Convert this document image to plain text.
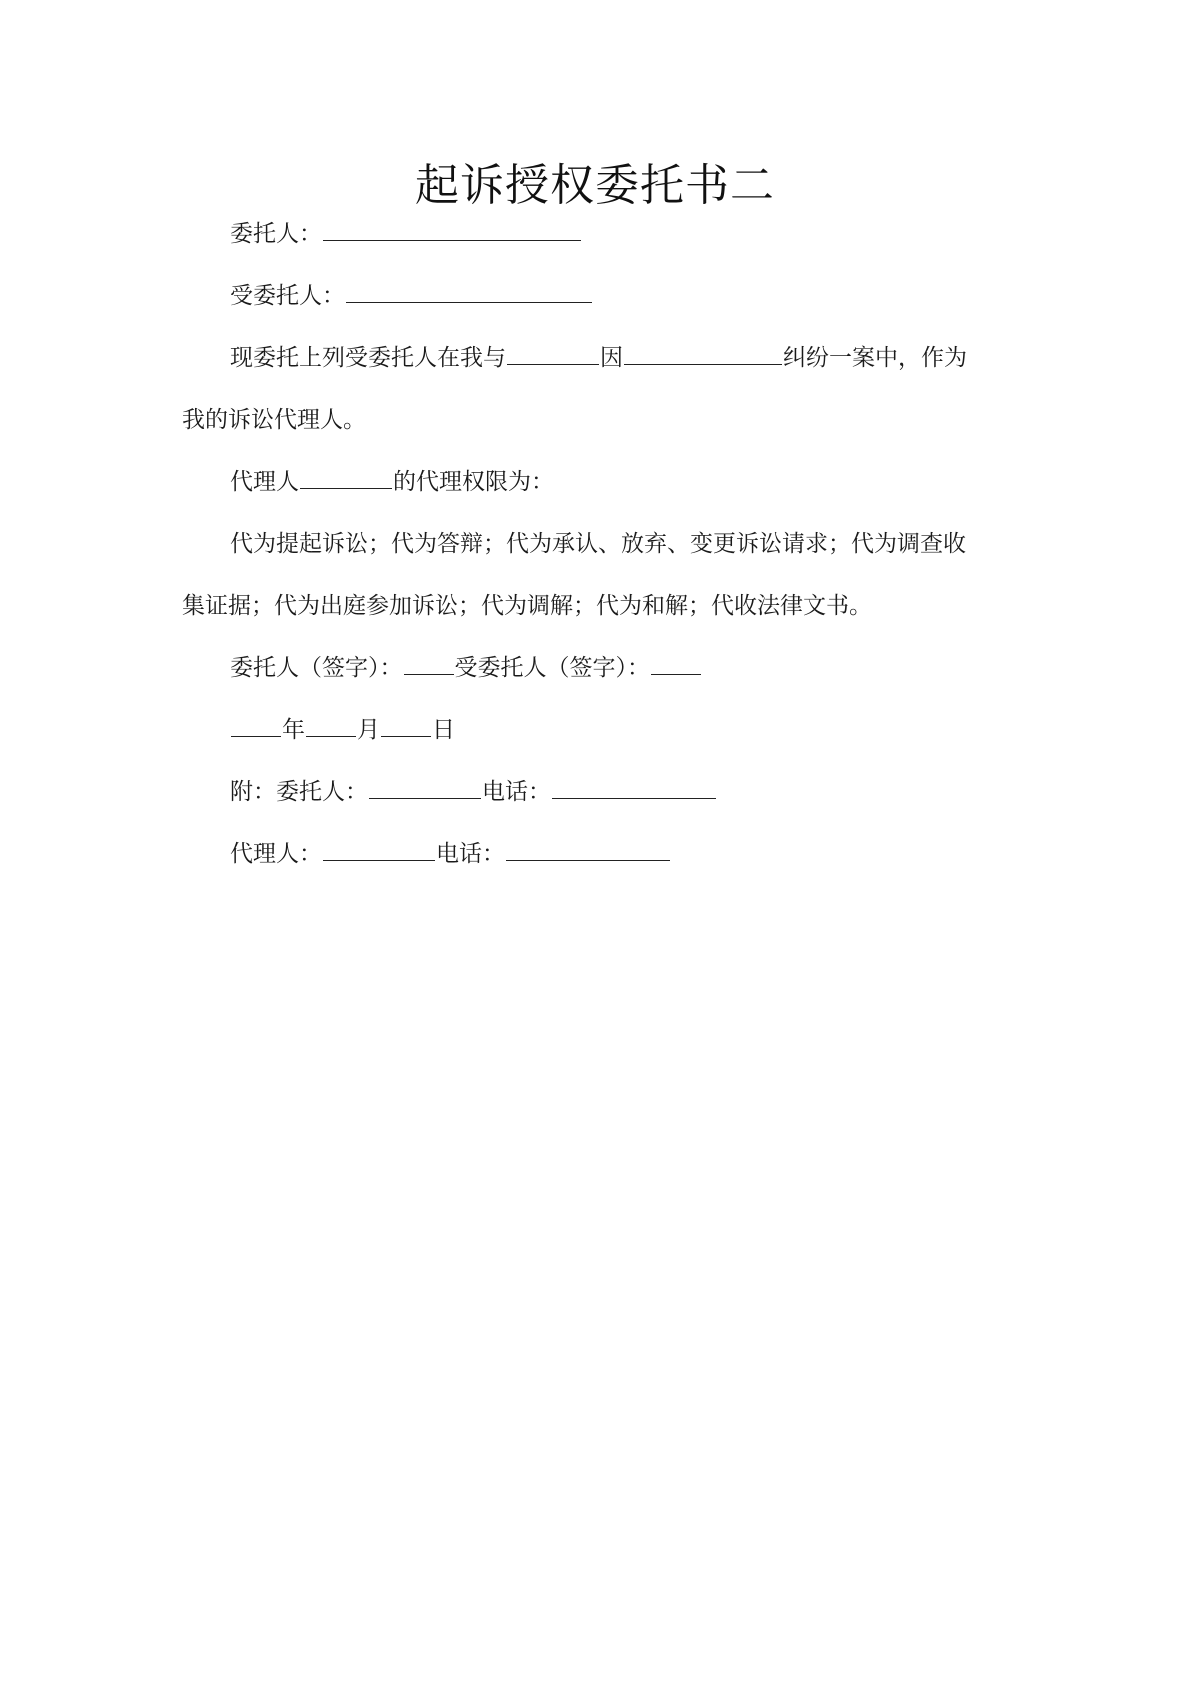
起诉授权委托书二
委托人：
受委托人：
现委托上列受委托人在我与	因	纠纷一案中，作为
我的诉讼代理人。
代理人	的代理权限为：
代为提起诉讼；代为答辩；代为承认、放弃、变更诉讼请求；代为调查收
集证据；代为出庭参加诉讼；代为调解；代为和解；代收法律文书。
委托人（签字）： 受委托人（签字）：
年 月 日
附：委托人：	电话：
代理人：	电话：
